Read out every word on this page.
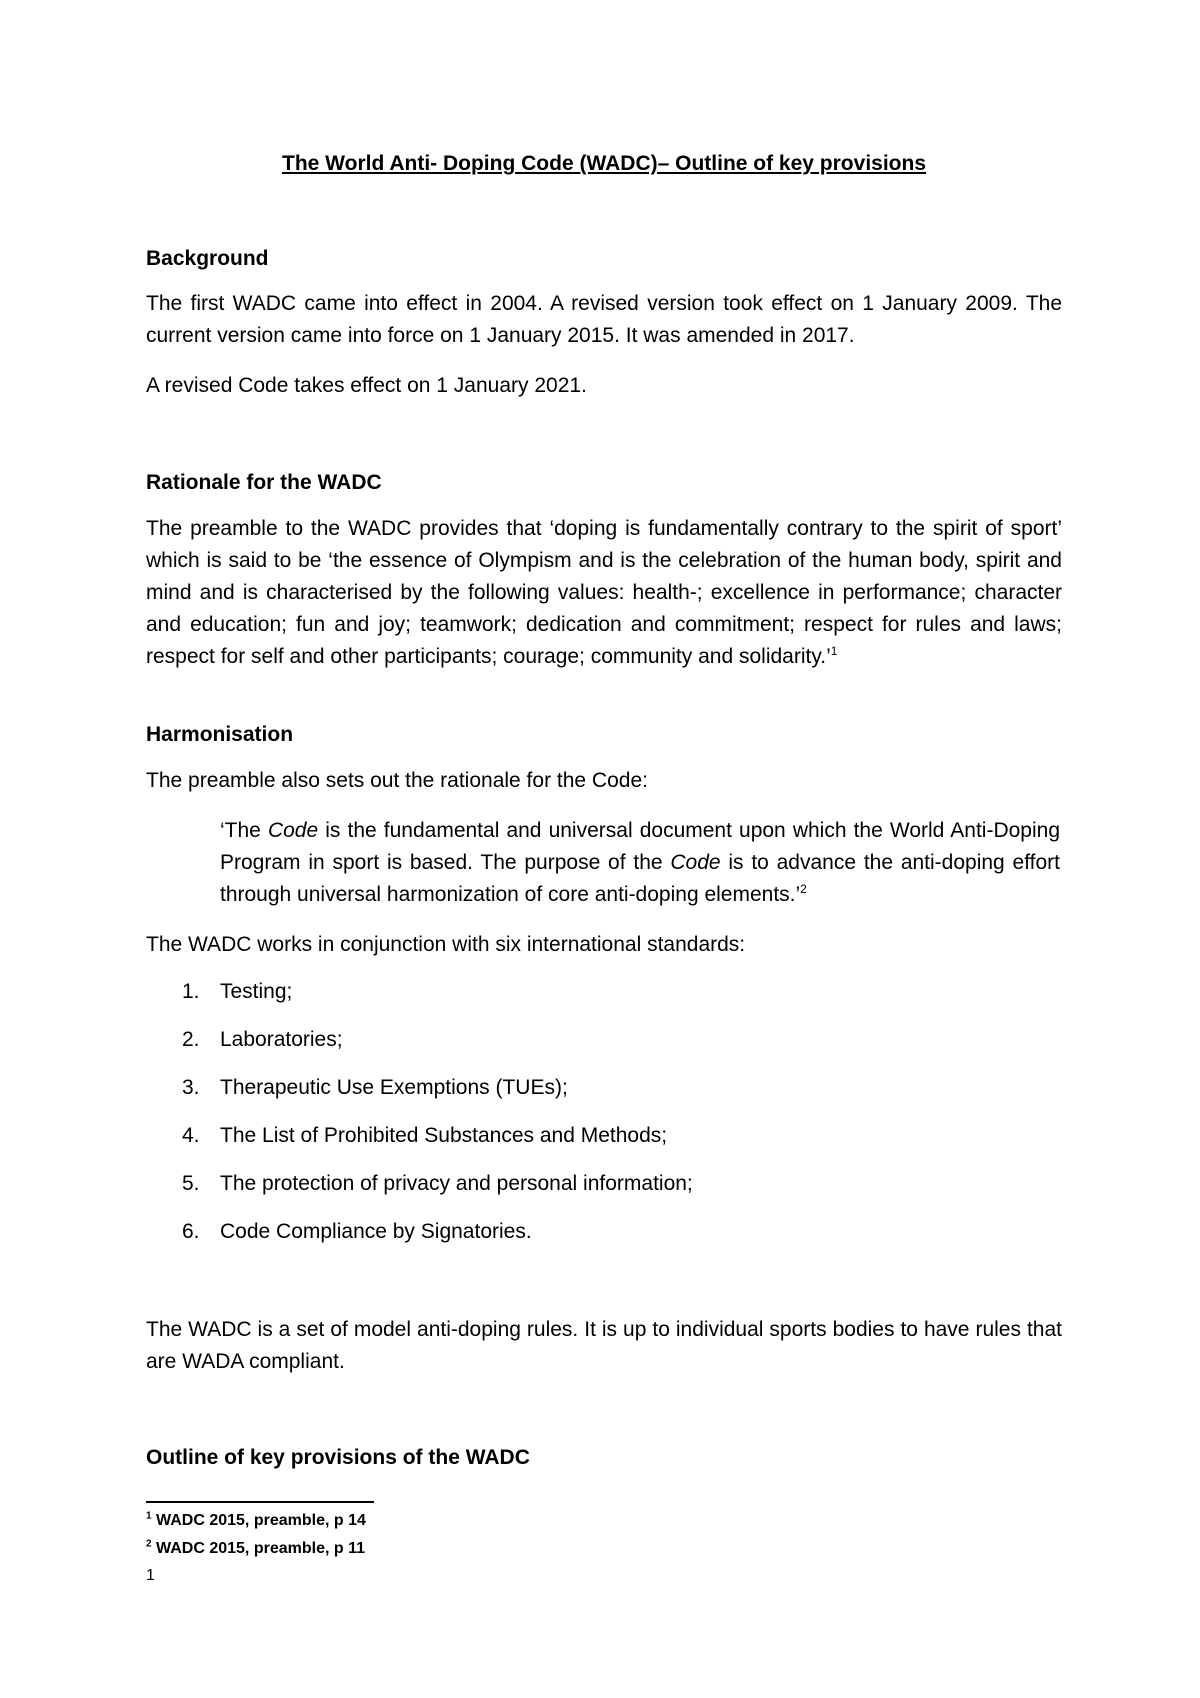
The World Anti- Doping Code (WADC)– Outline of key provisions
Background
The first WADC came into effect in 2004. A revised version took effect on 1 January 2009. The current version came into force on 1 January 2015. It was amended in 2017.
A revised Code takes effect on 1 January 2021.
Rationale for the WADC
The preamble to the WADC provides that ‘doping is fundamentally contrary to the spirit of sport’ which is said to be ‘the essence of Olympism and is the celebration of the human body, spirit and mind and is characterised by the following values: health-; excellence in performance; character and education; fun and joy; teamwork; dedication and commitment; respect for rules and laws; respect for self and other participants; courage; community and solidarity.’$^1$
Harmonisation
The preamble also sets out the rationale for the Code:
‘The Code is the fundamental and universal document upon which the World Anti-Doping Program in sport is based. The purpose of the Code is to advance the anti-doping effort through universal harmonization of core anti-doping elements.’$^2$
The WADC works in conjunction with six international standards:
1. Testing;
2. Laboratories;
3. Therapeutic Use Exemptions (TUEs);
4. The List of Prohibited Substances and Methods;
5. The protection of privacy and personal information;
6. Code Compliance by Signatories.
The WADC is a set of model anti-doping rules. It is up to individual sports bodies to have rules that are WADA compliant.
Outline of key provisions of the WADC
$^1$ WADC 2015, preamble, p 14
$^2$ WADC 2015, preamble, p 11
1
